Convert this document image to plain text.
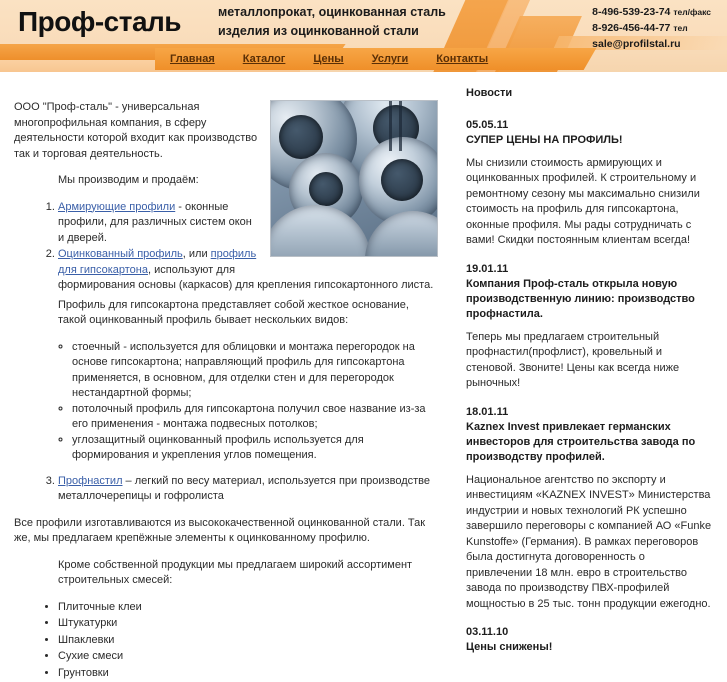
Проф-сталь	металлопрокат, оцинкованная сталь
изделия из оцинкованной стали
8-496-539-23-74 тел/факс
8-926-456-44-77 тел
sale@profilstal.ru
Главная	Каталог	Цены	Услуги	Контакты

ООО "Проф-сталь" - универсальная многопрофильная компания, в сферу деятельности которой входит как производство так и торговая деятельность.

Мы производим и продаём:

1. Армирующие профили - оконные профили, для различных систем окон и дверей.
2. Оцинкованный профиль, или профиль для гипсокартона, используют для формирования основы (каркасов) для крепления гипсокартонного листа.

Профиль для гипсокартона представляет собой жесткое основание, такой оцинкованный профиль бывает нескольких видов:

◦ стоечный - используется для облицовки и монтажа перегородок на основе гипсокартона; направляющий профиль для гипсокартона применяется, в основном, для отделки стен и для перегородок нестандартной формы;
◦ потолочный профиль для гипсокартона получил свое название из-за его применения - монтажа подвесных потолков;
◦ углозащитный оцинкованный профиль используется для формирования и укрепления углов помещения.
3. Профнастил – легкий по весу материал, используется при производстве металлочерепицы и гофролиста

Все профили изготавливаются из высококачественной оцинкованной стали. Так же, мы предлагаем крепёжные элементы к оцинкованному профилю.

Кроме собственной продукции мы предлагаем широкий ассортимент строительных смесей:

• Плиточные клеи
• Штукатурки
• Шпаклевки
• Сухие смеси
• Грунтовки
Новости
05.05.11
СУПЕР ЦЕНЫ НА ПРОФИЛЬ!
Мы снизили стоимость армирующих и оцинкованных профилей. К строительному и ремонтному сезону мы максимально снизили стоимость на профиль для гипсокартона, оконные профиля. Мы рады сотрудничать с вами! Скидки постоянным клиентам всегда!
19.01.11
Компания Проф-сталь открыла новую производственную линию: производство профнастила.
Теперь мы предлагаем строительный профнастил(профлист), кровельный и стеновой. Звоните! Цены как всегда ниже рыночных!
18.01.11
Kaznex Invest привлекает германских инвесторов для строительства завода по производству профилей.
Национальное агентство по экспорту и инвестициям «KAZNEX INVEST» Министерства индустрии и новых технологий РК успешно завершило переговоры с компанией АО «Funke Kunstoffe» (Германия). В рамках переговоров была достигнута договоренность о привлечении 18 млн. евро в строительство завода по производству ПВХ-профилей мощностью в 25 тыс. тонн продукции ежегодно.
03.11.10
Цены снижены!
